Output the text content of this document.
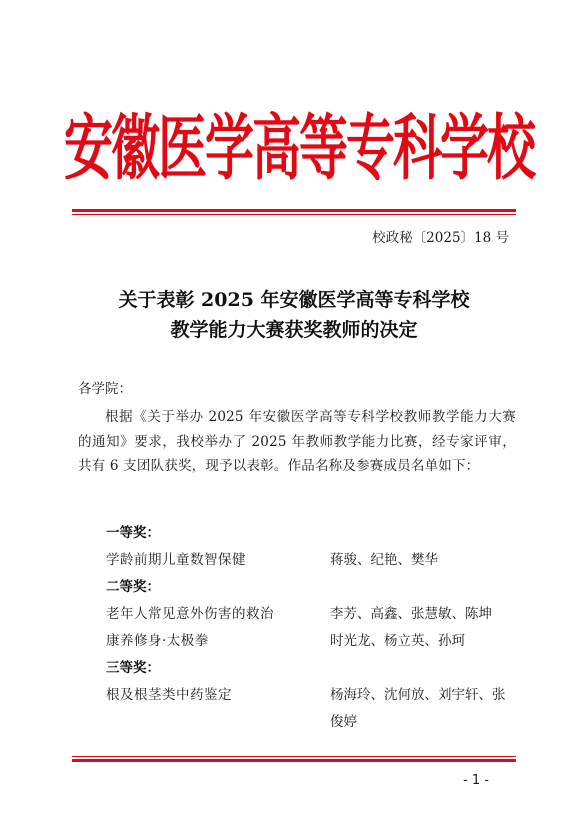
安徽医学高等专科学校
校政秘〔2025〕18 号
关于表彰 2025 年安徽医学高等专科学校
教学能力大赛获奖教师的决定
各学院：
根据《关于举办 2025 年安徽医学高等专科学校教师教学能力大赛的通知》要求，我校举办了 2025 年教师教学能力比赛，经专家评审，共有 6 支团队获奖，现予以表彰。作品名称及参赛成员名单如下：
一等奖：
学龄前期儿童数智保健	蒋骏、纪艳、樊华
二等奖：
老年人常见意外伤害的救治	李芳、高鑫、张慧敏、陈坤
康养修身·太极拳	时光龙、杨立英、孙珂
三等奖：
根及根茎类中药鉴定	杨海玲、沈何放、刘宇轩、张俊婷
- 1 -
